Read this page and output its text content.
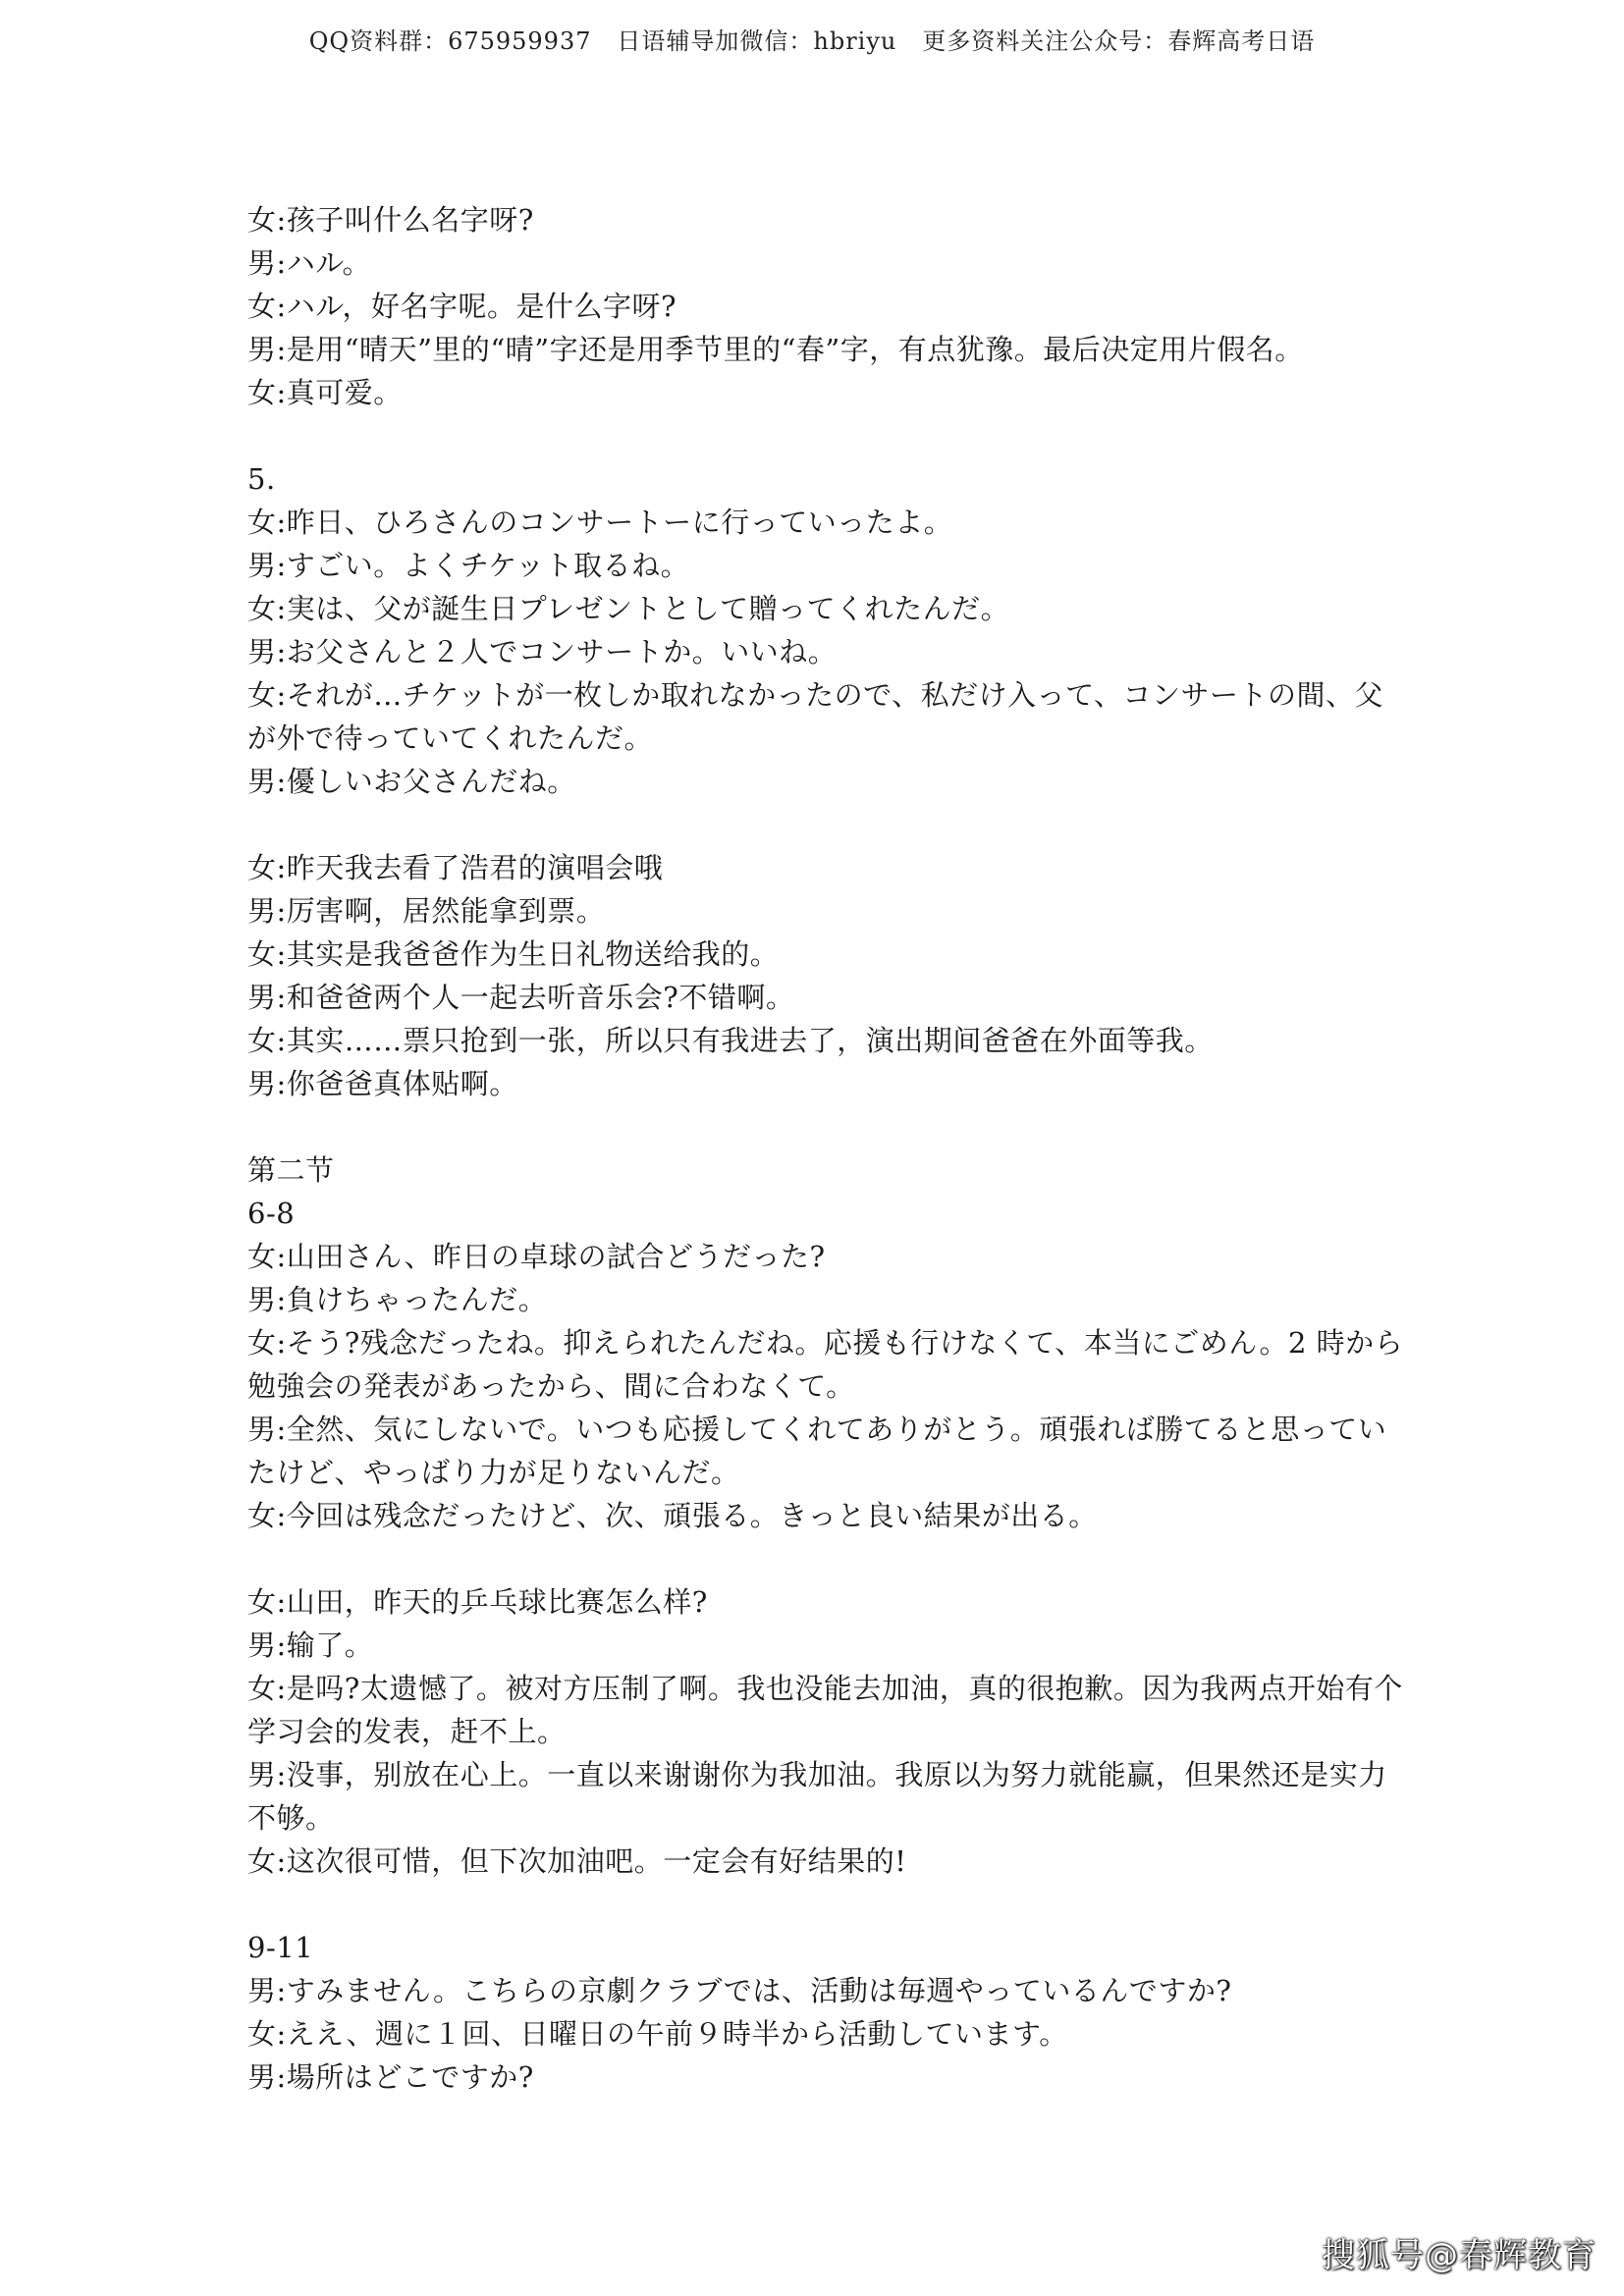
QQ资料群：675959937   日语辅导加微信：hbriyu   更多资料关注公众号：春辉高考日语
女:孩子叫什么名字呀?
男:ハル。
女:ハル，好名字呢。是什么字呀?
男:是用“晴天”里的“晴”字还是用季节里的“春”字，有点犹豫。最后决定用片假名。
女:真可爱。
5.
女:昨日、ひろさんのコンサートーに行っていったよ。
男:すごい。よくチケット取るね。
女:実は、父が誕生日プレゼントとして贈ってくれたんだ。
男:お父さんと２人でコンサートか。いいね。
女:それが…チケットが一枚しか取れなかったので、私だけ入って、コンサートの間、父
が外で待っていてくれたんだ。
男:優しいお父さんだね。
女:昨天我去看了浩君的演唱会哦
男:厉害啊，居然能拿到票。
女:其实是我爸爸作为生日礼物送给我的。
男:和爸爸两个人一起去听音乐会?不错啊。
女:其实……票只抢到一张，所以只有我进去了，演出期间爸爸在外面等我。
男:你爸爸真体贴啊。
第二节
6-8
女:山田さん、昨日の卓球の試合どうだった?
男:負けちゃったんだ。
女:そう?残念だったね。抑えられたんだね。応援も行けなくて、本当にごめん。2 時から
勉強会の発表があったから、間に合わなくて。
男:全然、気にしないで。いつも応援してくれてありがとう。頑張れば勝てると思ってい
たけど、やっばり力が足りないんだ。
女:今回は残念だったけど、次、頑張る。きっと良い結果が出る。
女:山田，昨天的乒乓球比赛怎么样?
男:输了。
女:是吗?太遗憾了。被对方压制了啊。我也没能去加油，真的很抱歉。因为我两点开始有个
学习会的发表，赶不上。
男:没事，别放在心上。一直以来谢谢你为我加油。我原以为努力就能赢，但果然还是实力
不够。
女:这次很可惜，但下次加油吧。一定会有好结果的!
9-11
男:すみません。こちらの京劇クラブでは、活動は毎週やっているんですか?
女:ええ、週に１回、日曜日の午前９時半から活動しています。
男:場所はどこですか?
搜狐号@春辉教育
